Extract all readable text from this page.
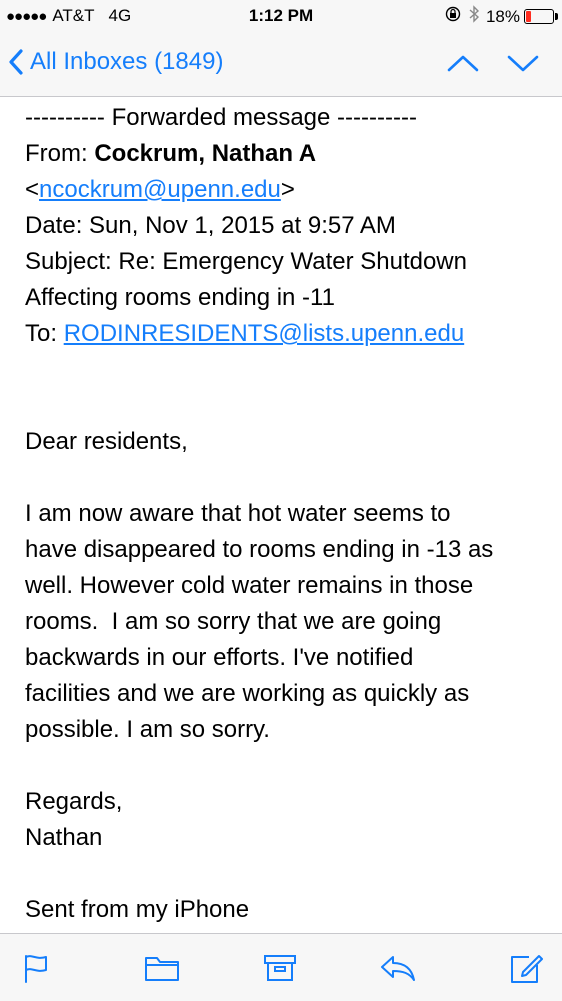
●●●●● AT&T 4G	1:12 PM	18%
All Inboxes (1849)
---------- Forwarded message ----------
From: Cockrum, Nathan A
<ncockrum@upenn.edu>
Date: Sun, Nov 1, 2015 at 9:57 AM
Subject: Re: Emergency Water Shutdown
Affecting rooms ending in -11
To: RODINRESIDENTS@lists.upenn.edu
Dear residents,
I am now aware that hot water seems to
have disappeared to rooms ending in -13 as
well. However cold water remains in those
rooms.  I am so sorry that we are going
backwards in our efforts. I've notified
facilities and we are working as quickly as
possible. I am so sorry.
Regards,
Nathan
Sent from my iPhone
